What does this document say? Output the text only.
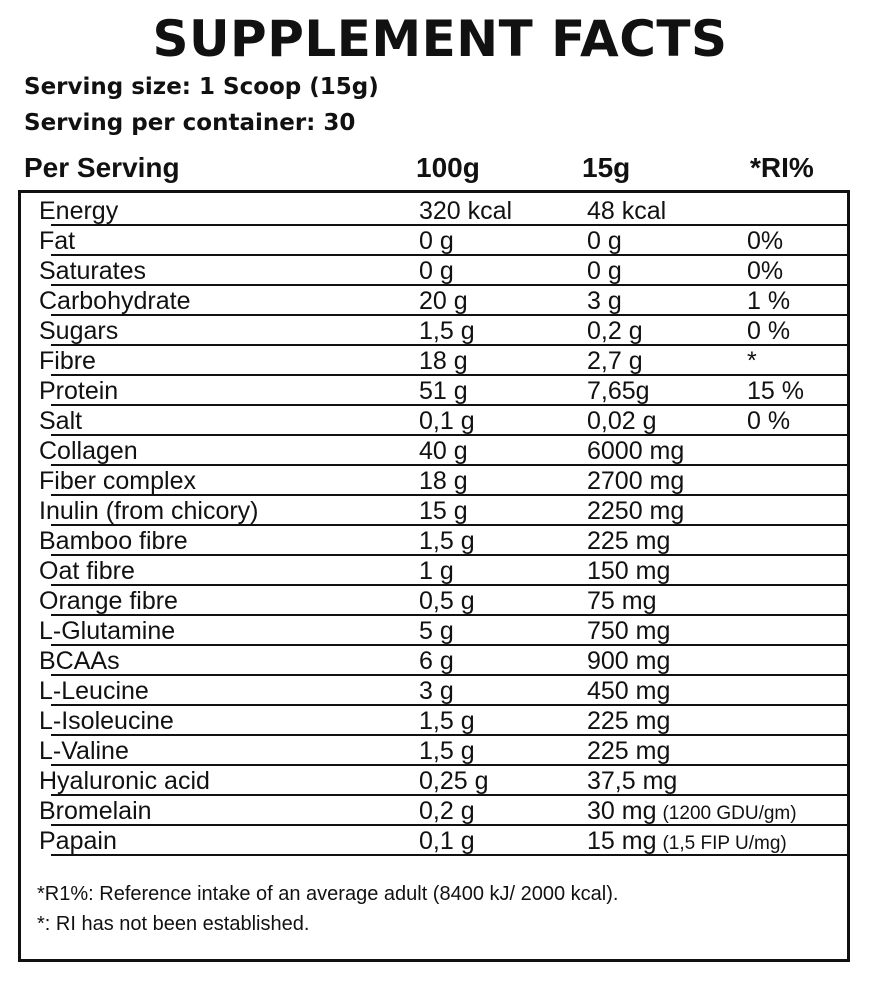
SUPPLEMENT FACTS
Serving size: 1 Scoop (15g)
Serving per container: 30
Per Serving	100g	15g	*RI%
*R1%: Reference intake of an average adult (8400 kJ/ 2000 kcal).
*: RI has not been established.
Energy	320 kcal	48 kcal
Fat	0 g	0 g	0%
Saturates	0 g	0 g	0%
Carbohydrate	20 g	3 g	1 %
Sugars	1,5 g	0,2 g	0 %
Fibre	18 g	2,7 g	*
Protein	51 g	7,65g	15 %
Salt	0,1 g	0,02 g	0 %
Collagen	40 g	6000 mg
Fiber complex	18 g	2700 mg
Inulin (from chicory)	15 g	2250 mg
Bamboo fibre	1,5 g	225 mg
Oat fibre	1 g	150 mg
Orange fibre	0,5 g	75 mg
L-Glutamine	5 g	750 mg
BCAAs	6 g	900 mg
L-Leucine	3 g	450 mg
L-Isoleucine	1,5 g	225 mg
L-Valine	1,5 g	225 mg
Hyaluronic acid	0,25 g	37,5 mg
Bromelain	0,2 g	30 mg (1200 GDU/gm)
Papain	0,1 g	15 mg (1,5 FIP U/mg)
